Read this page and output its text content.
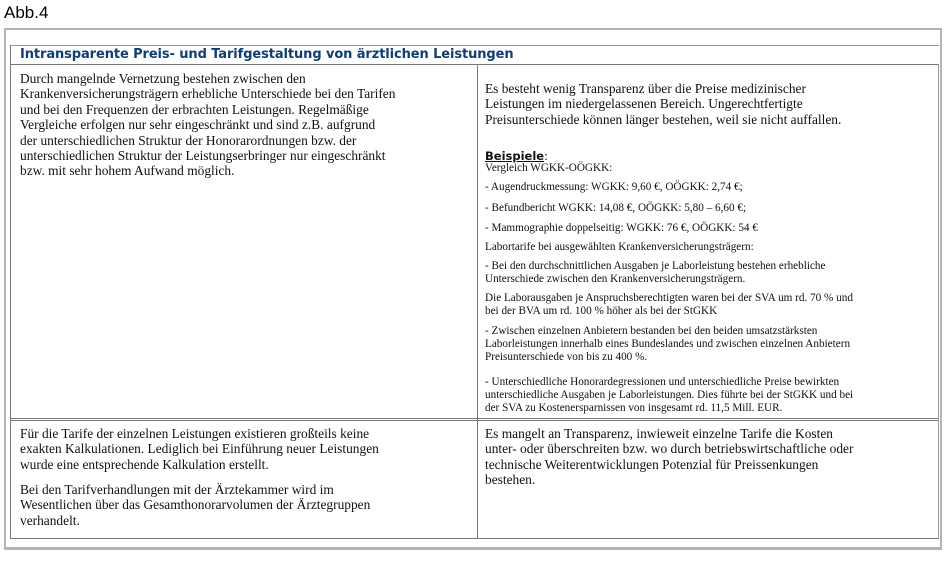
Abb.4
Intransparente Preis- und Tarifgestaltung von ärztlichen Leistungen

Durch mangelnde Vernetzung bestehen zwischen den
Krankenversicherungsträgern erhebliche Unterschiede bei den Tarifen
und bei den Frequenzen der erbrachten Leistungen. Regelmäßige
Vergleiche erfolgen nur sehr eingeschränkt und sind z.B. aufgrund
der unterschiedlichen Struktur der Honorarordnungen bzw. der
unterschiedlichen Struktur der Leistungserbringer nur eingeschränkt
bzw. mit sehr hohem Aufwand möglich.

Es besteht wenig Transparenz über die Preise medizinischer
Leistungen im niedergelassenen Bereich. Ungerechtfertigte
Preisunterschiede können länger bestehen, weil sie nicht auffallen.

Beispiele:

Vergleich WGKK-OÖGKK:

- Augendruckmessung: WGKK: 9,60 €, OÖGKK: 2,74 €;

- Befundbericht WGKK: 14,08 €, OÖGKK: 5,80 – 6,60 €;

- Mammographie doppelseitig: WGKK: 76 €, OÖGKK: 54 €

Labortarife bei ausgewählten Krankenversicherungsträgern:

- Bei den durchschnittlichen Ausgaben je Laborleistung bestehen erhebliche
Unterschiede zwischen den Krankenversicherungsträgern.

Die Laborausgaben je Anspruchsberechtigten waren bei der SVA um rd. 70 % und
bei der BVA um rd. 100 % höher als bei der StGKK

- Zwischen einzelnen Anbietern bestanden bei den beiden umsatzstärksten
Laborleistungen innerhalb eines Bundeslandes und zwischen einzelnen Anbietern
Preisunterschiede von bis zu 400 %.

- Unterschiedliche Honorardegressionen und unterschiedliche Preise bewirkten
unterschiedliche Ausgaben je Laborleistungen. Dies führte bei der StGKK und bei
der SVA zu Kostenersparnissen von insgesamt rd. 11,5 Mill. EUR.

Für die Tarife der einzelnen Leistungen existieren großteils keine
exakten Kalkulationen. Lediglich bei Einführung neuer Leistungen
wurde eine entsprechende Kalkulation erstellt.

Bei den Tarifverhandlungen mit der Ärztekammer wird im
Wesentlichen über das Gesamthonorarvolumen der Ärztegruppen
verhandelt.

Es mangelt an Transparenz, inwieweit einzelne Tarife die Kosten
unter- oder überschreiten bzw. wo durch betriebswirtschaftliche oder
technische Weiterentwicklungen Potenzial für Preissenkungen
bestehen.
